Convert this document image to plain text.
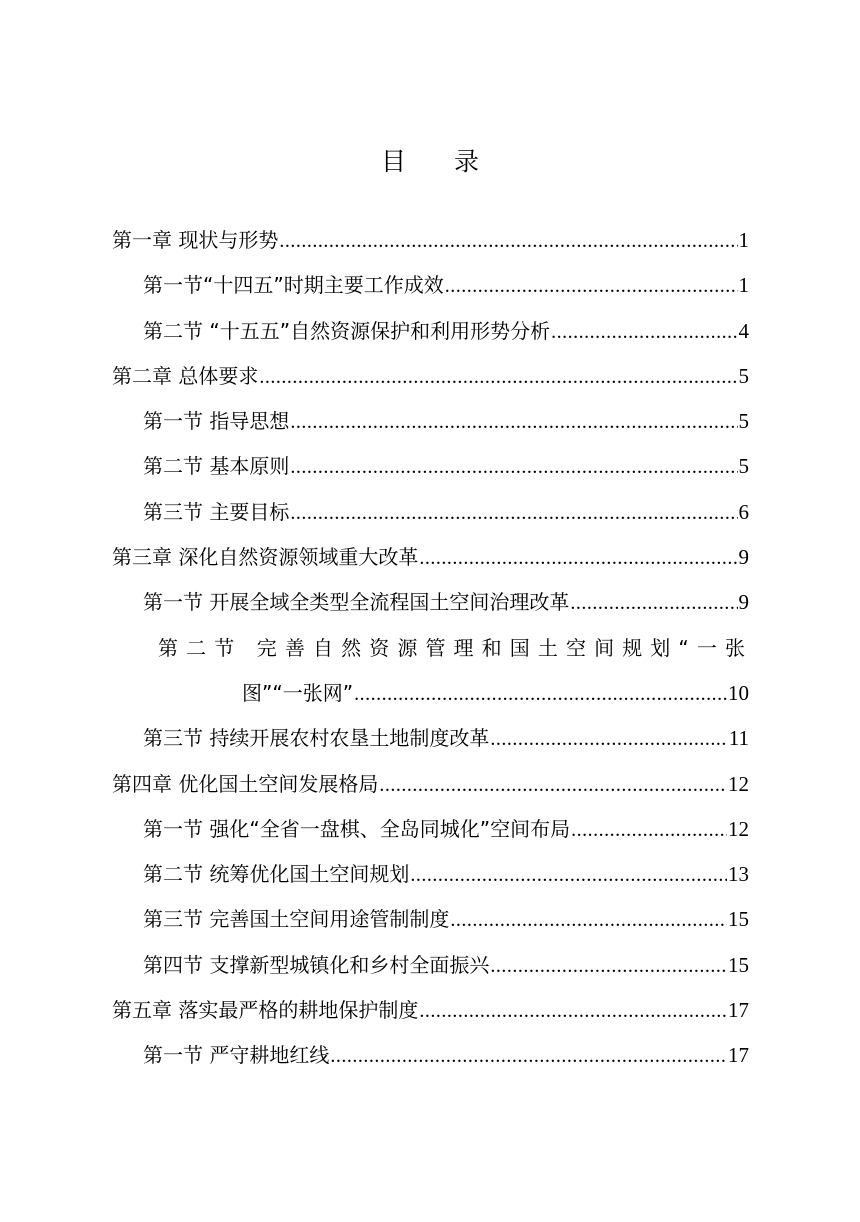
目 录
第一章 现状与形势 .....	1
第一节“十四五”时期主要工作成效 .....	1
第二节 “十五五”自然资源保护和利用形势分析 .....	4
第二章 总体要求 .....	5
第一节 指导思想 .....	5
第二节 基本原则 .....	5
第三节 主要目标 .....	6
第三章 深化自然资源领域重大改革 .....	9
第一节 开展全域全类型全流程国土空间治理改革 .....	9
第二节 完善自然资源管理和国土空间规划“一张
图”“一张网” .....	10
第三节 持续开展农村农垦土地制度改革 .....	11
第四章 优化国土空间发展格局 .....	12
第一节 强化“全省一盘棋、全岛同城化”空间布局 .....	12
第二节 统筹优化国土空间规划 .....	13
第三节 完善国土空间用途管制制度 .....	15
第四节 支撑新型城镇化和乡村全面振兴 .....	15
第五章 落实最严格的耕地保护制度 .....	17
第一节 严守耕地红线 .....	17
